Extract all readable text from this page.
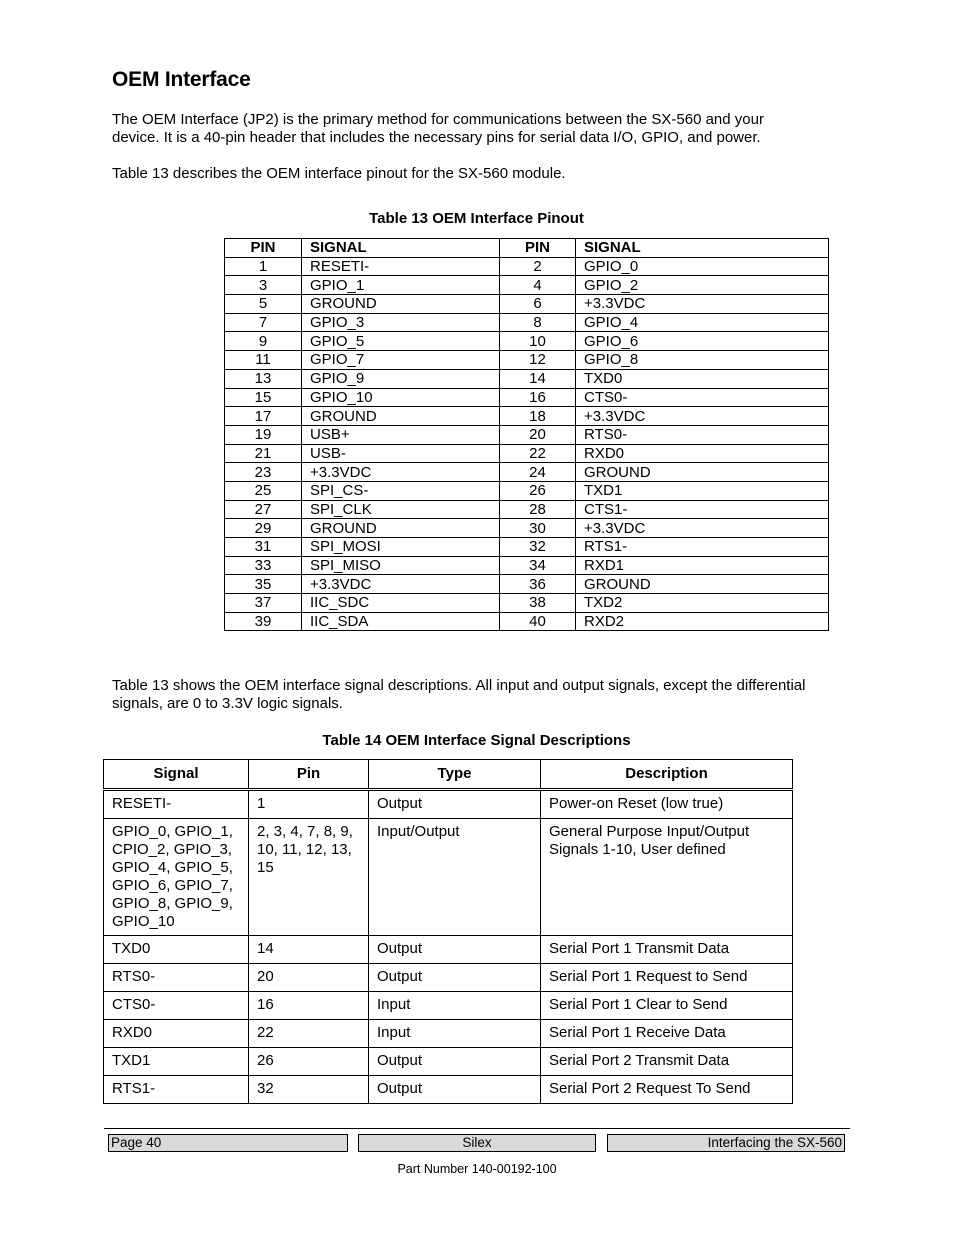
OEM Interface

The OEM Interface (JP2) is the primary method for communications between the SX-560 and your device. It is a 40-pin header that includes the necessary pins for serial data I/O, GPIO, and power.

Table 13 describes the OEM interface pinout for the SX-560 module.

Table 13 OEM Interface Pinout

PIN	SIGNAL	PIN	SIGNAL
1	RESETI-	2	GPIO_0
3	GPIO_1	4	GPIO_2
5	GROUND	6	+3.3VDC
7	GPIO_3	8	GPIO_4
9	GPIO_5	10	GPIO_6
11	GPIO_7	12	GPIO_8
13	GPIO_9	14	TXD0
15	GPIO_10	16	CTS0-
17	GROUND	18	+3.3VDC
19	USB+	20	RTS0-
21	USB-	22	RXD0
23	+3.3VDC	24	GROUND
25	SPI_CS-	26	TXD1
27	SPI_CLK	28	CTS1-
29	GROUND	30	+3.3VDC
31	SPI_MOSI	32	RTS1-
33	SPI_MISO	34	RXD1
35	+3.3VDC	36	GROUND
37	IIC_SDC	38	TXD2
39	IIC_SDA	40	RXD2

Table 13 shows the OEM interface signal descriptions. All input and output signals, except the differential signals, are 0 to 3.3V logic signals.

Table 14 OEM Interface Signal Descriptions

Signal	Pin	Type	Description
RESETI-	1	Output	Power-on Reset (low true)
GPIO_0, GPIO_1, CPIO_2, GPIO_3, GPIO_4, GPIO_5, GPIO_6, GPIO_7, GPIO_8, GPIO_9, GPIO_10	2, 3, 4, 7, 8, 9, 10, 11, 12, 13, 15	Input/Output	General Purpose Input/Output Signals 1-10, User defined
TXD0	14	Output	Serial Port 1 Transmit Data
RTS0-	20	Output	Serial Port 1 Request to Send
CTS0-	16	Input	Serial Port 1 Clear to Send
RXD0	22	Input	Serial Port 1 Receive Data
TXD1	26	Output	Serial Port 2 Transmit Data
RTS1-	32	Output	Serial Port 2 Request To Send
Page 40	Silex	Interfacing the SX-560
Part Number 140-00192-100
